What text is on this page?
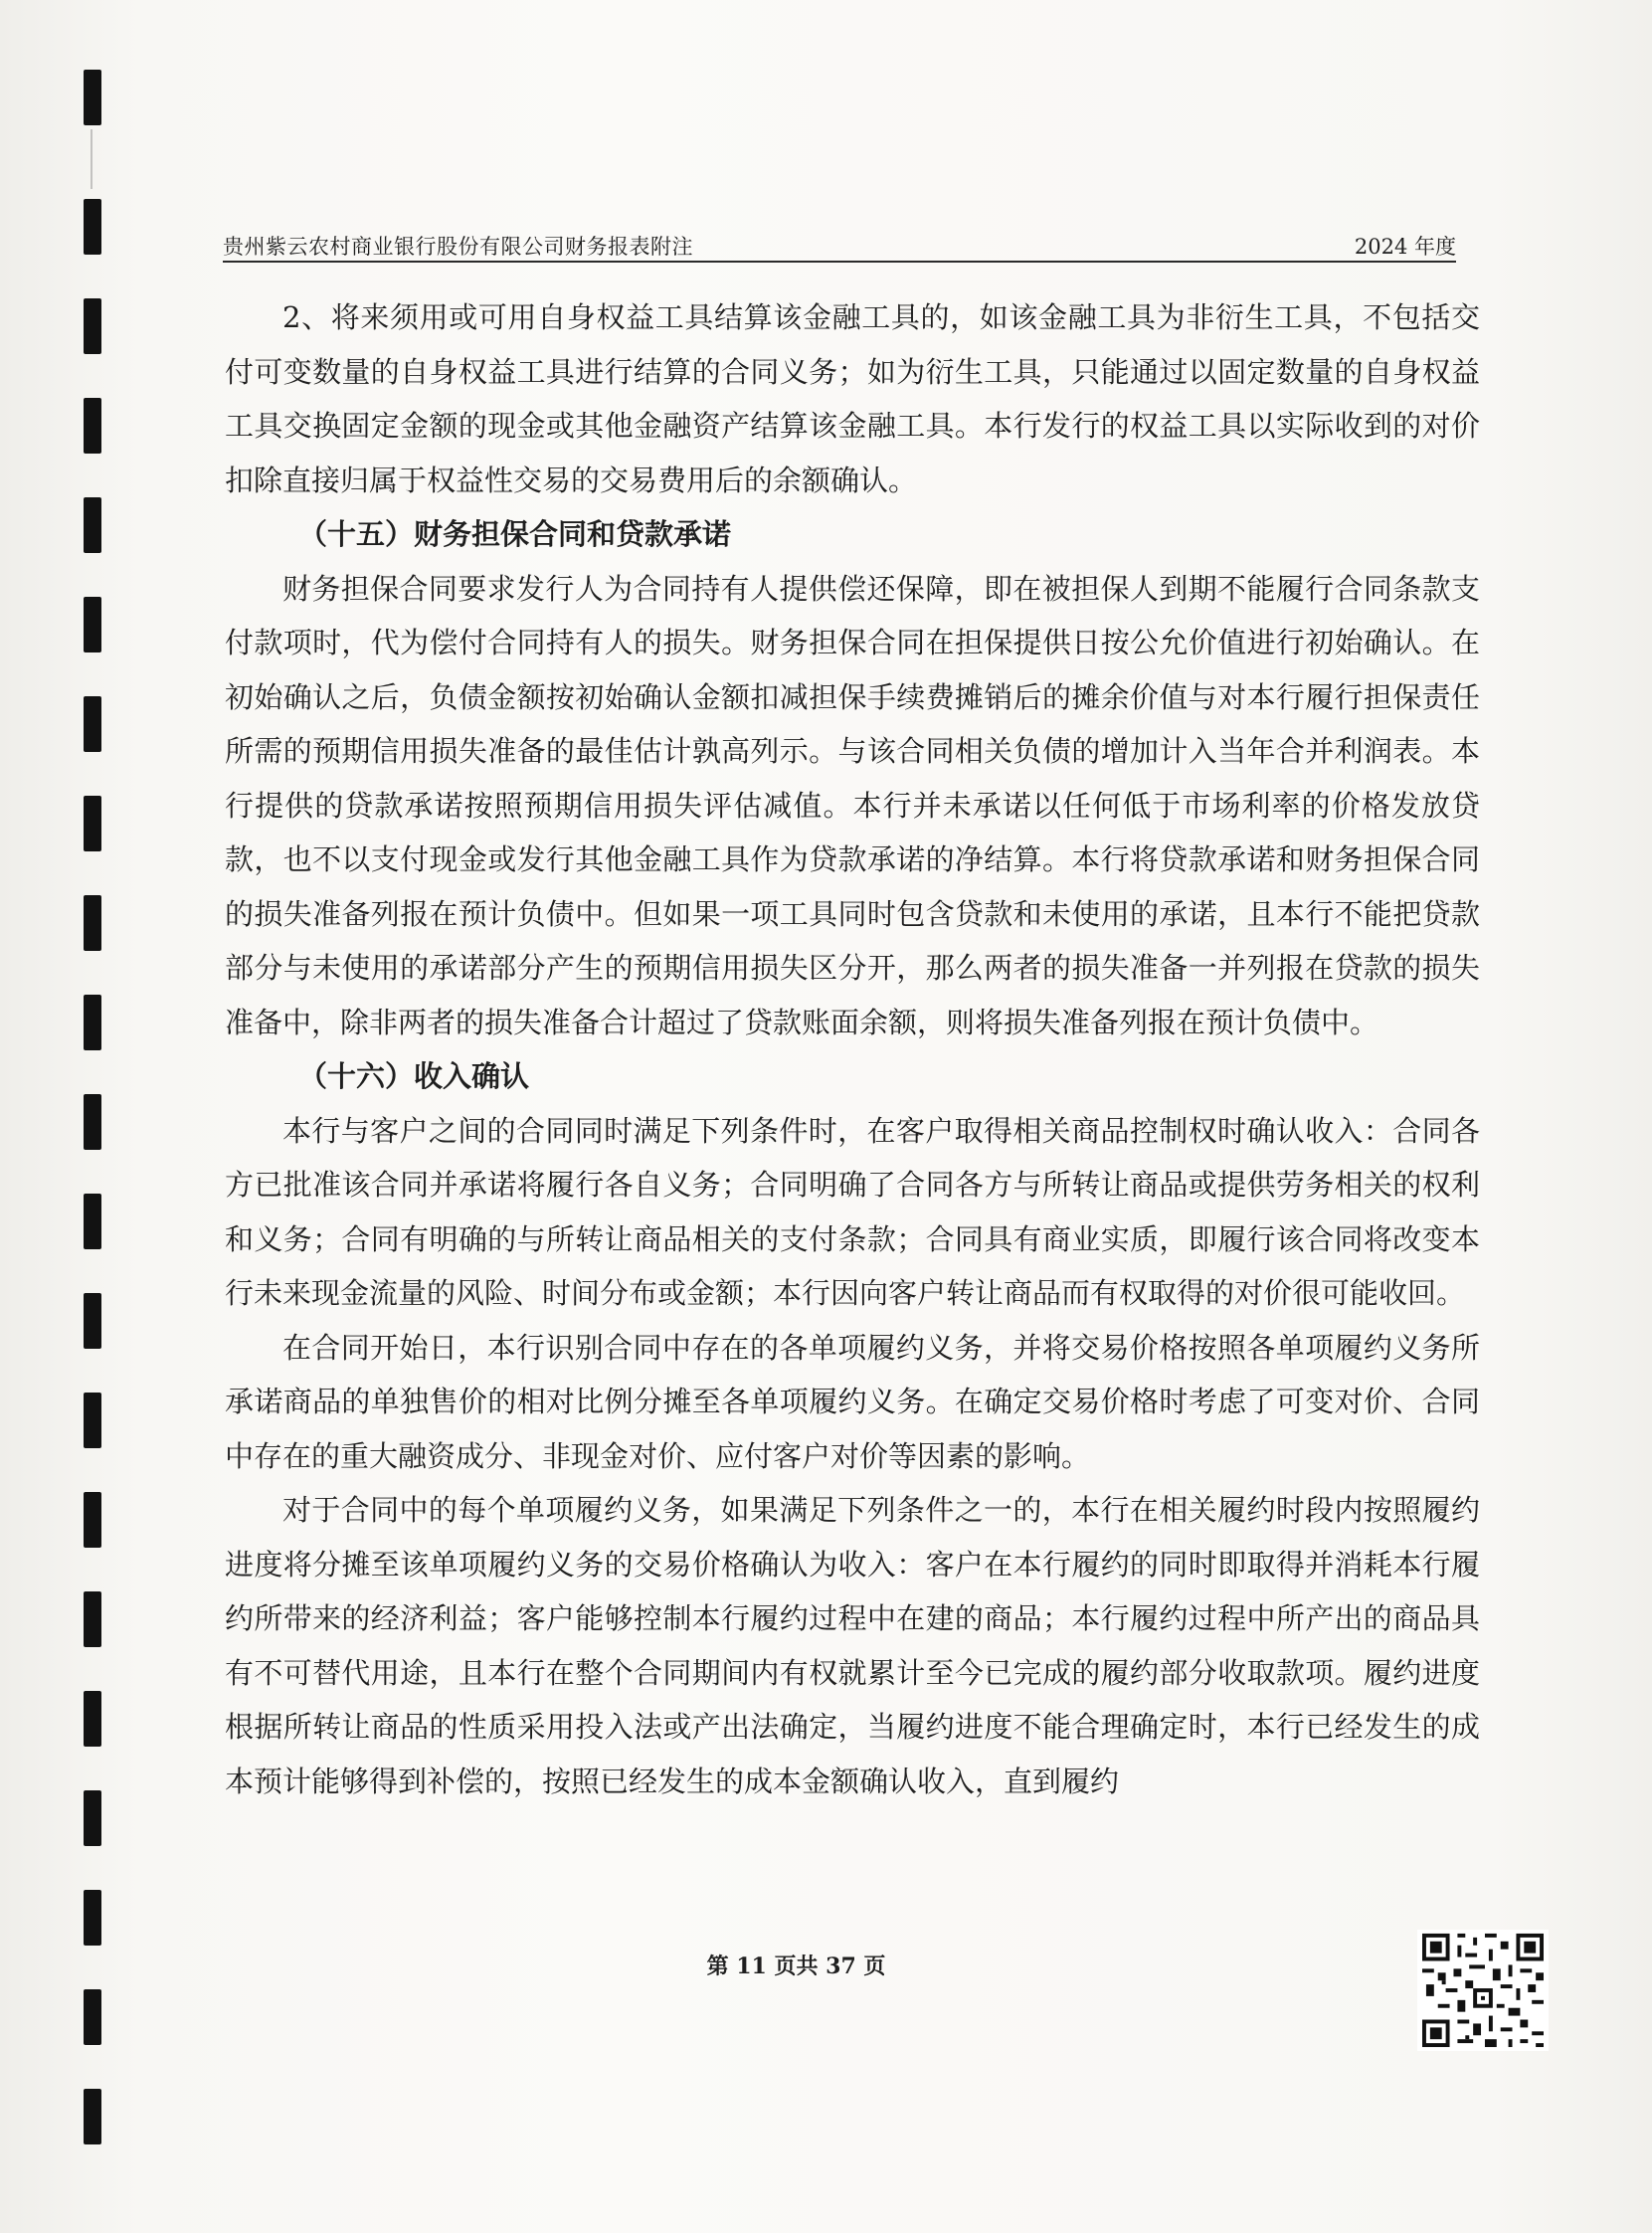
贵州紫云农村商业银行股份有限公司财务报表附注	2024 年度

2、将来须用或可用自身权益工具结算该金融工具的，如该金融工具为非衍生工具，不包括交付可变数量的自身权益工具进行结算的合同义务；如为衍生工具，只能通过以固定数量的自身权益工具交换固定金额的现金或其他金融资产结算该金融工具。本行发行的权益工具以实际收到的对价扣除直接归属于权益性交易的交易费用后的余额确认。

（十五）财务担保合同和贷款承诺

财务担保合同要求发行人为合同持有人提供偿还保障，即在被担保人到期不能履行合同条款支付款项时，代为偿付合同持有人的损失。财务担保合同在担保提供日按公允价值进行初始确认。在初始确认之后，负债金额按初始确认金额扣减担保手续费摊销后的摊余价值与对本行履行担保责任所需的预期信用损失准备的最佳估计孰高列示。与该合同相关负债的增加计入当年合并利润表。本行提供的贷款承诺按照预期信用损失评估减值。本行并未承诺以任何低于市场利率的价格发放贷款，也不以支付现金或发行其他金融工具作为贷款承诺的净结算。本行将贷款承诺和财务担保合同的损失准备列报在预计负债中。但如果一项工具同时包含贷款和未使用的承诺，且本行不能把贷款部分与未使用的承诺部分产生的预期信用损失区分开，那么两者的损失准备一并列报在贷款的损失准备中，除非两者的损失准备合计超过了贷款账面余额，则将损失准备列报在预计负债中。

（十六）收入确认

本行与客户之间的合同同时满足下列条件时，在客户取得相关商品控制权时确认收入：合同各方已批准该合同并承诺将履行各自义务；合同明确了合同各方与所转让商品或提供劳务相关的权利和义务；合同有明确的与所转让商品相关的支付条款；合同具有商业实质，即履行该合同将改变本行未来现金流量的风险、时间分布或金额；本行因向客户转让商品而有权取得的对价很可能收回。

在合同开始日，本行识别合同中存在的各单项履约义务，并将交易价格按照各单项履约义务所承诺商品的单独售价的相对比例分摊至各单项履约义务。在确定交易价格时考虑了可变对价、合同中存在的重大融资成分、非现金对价、应付客户对价等因素的影响。

对于合同中的每个单项履约义务，如果满足下列条件之一的，本行在相关履约时段内按照履约进度将分摊至该单项履约义务的交易价格确认为收入：客户在本行履约的同时即取得并消耗本行履约所带来的经济利益；客户能够控制本行履约过程中在建的商品；本行履约过程中所产出的商品具有不可替代用途，且本行在整个合同期间内有权就累计至今已完成的履约部分收取款项。履约进度根据所转让商品的性质采用投入法或产出法确定，当履约进度不能合理确定时，本行已经发生的成本预计能够得到补偿的，按照已经发生的成本金额确认收入，直到履约

第 11 页共 37 页
